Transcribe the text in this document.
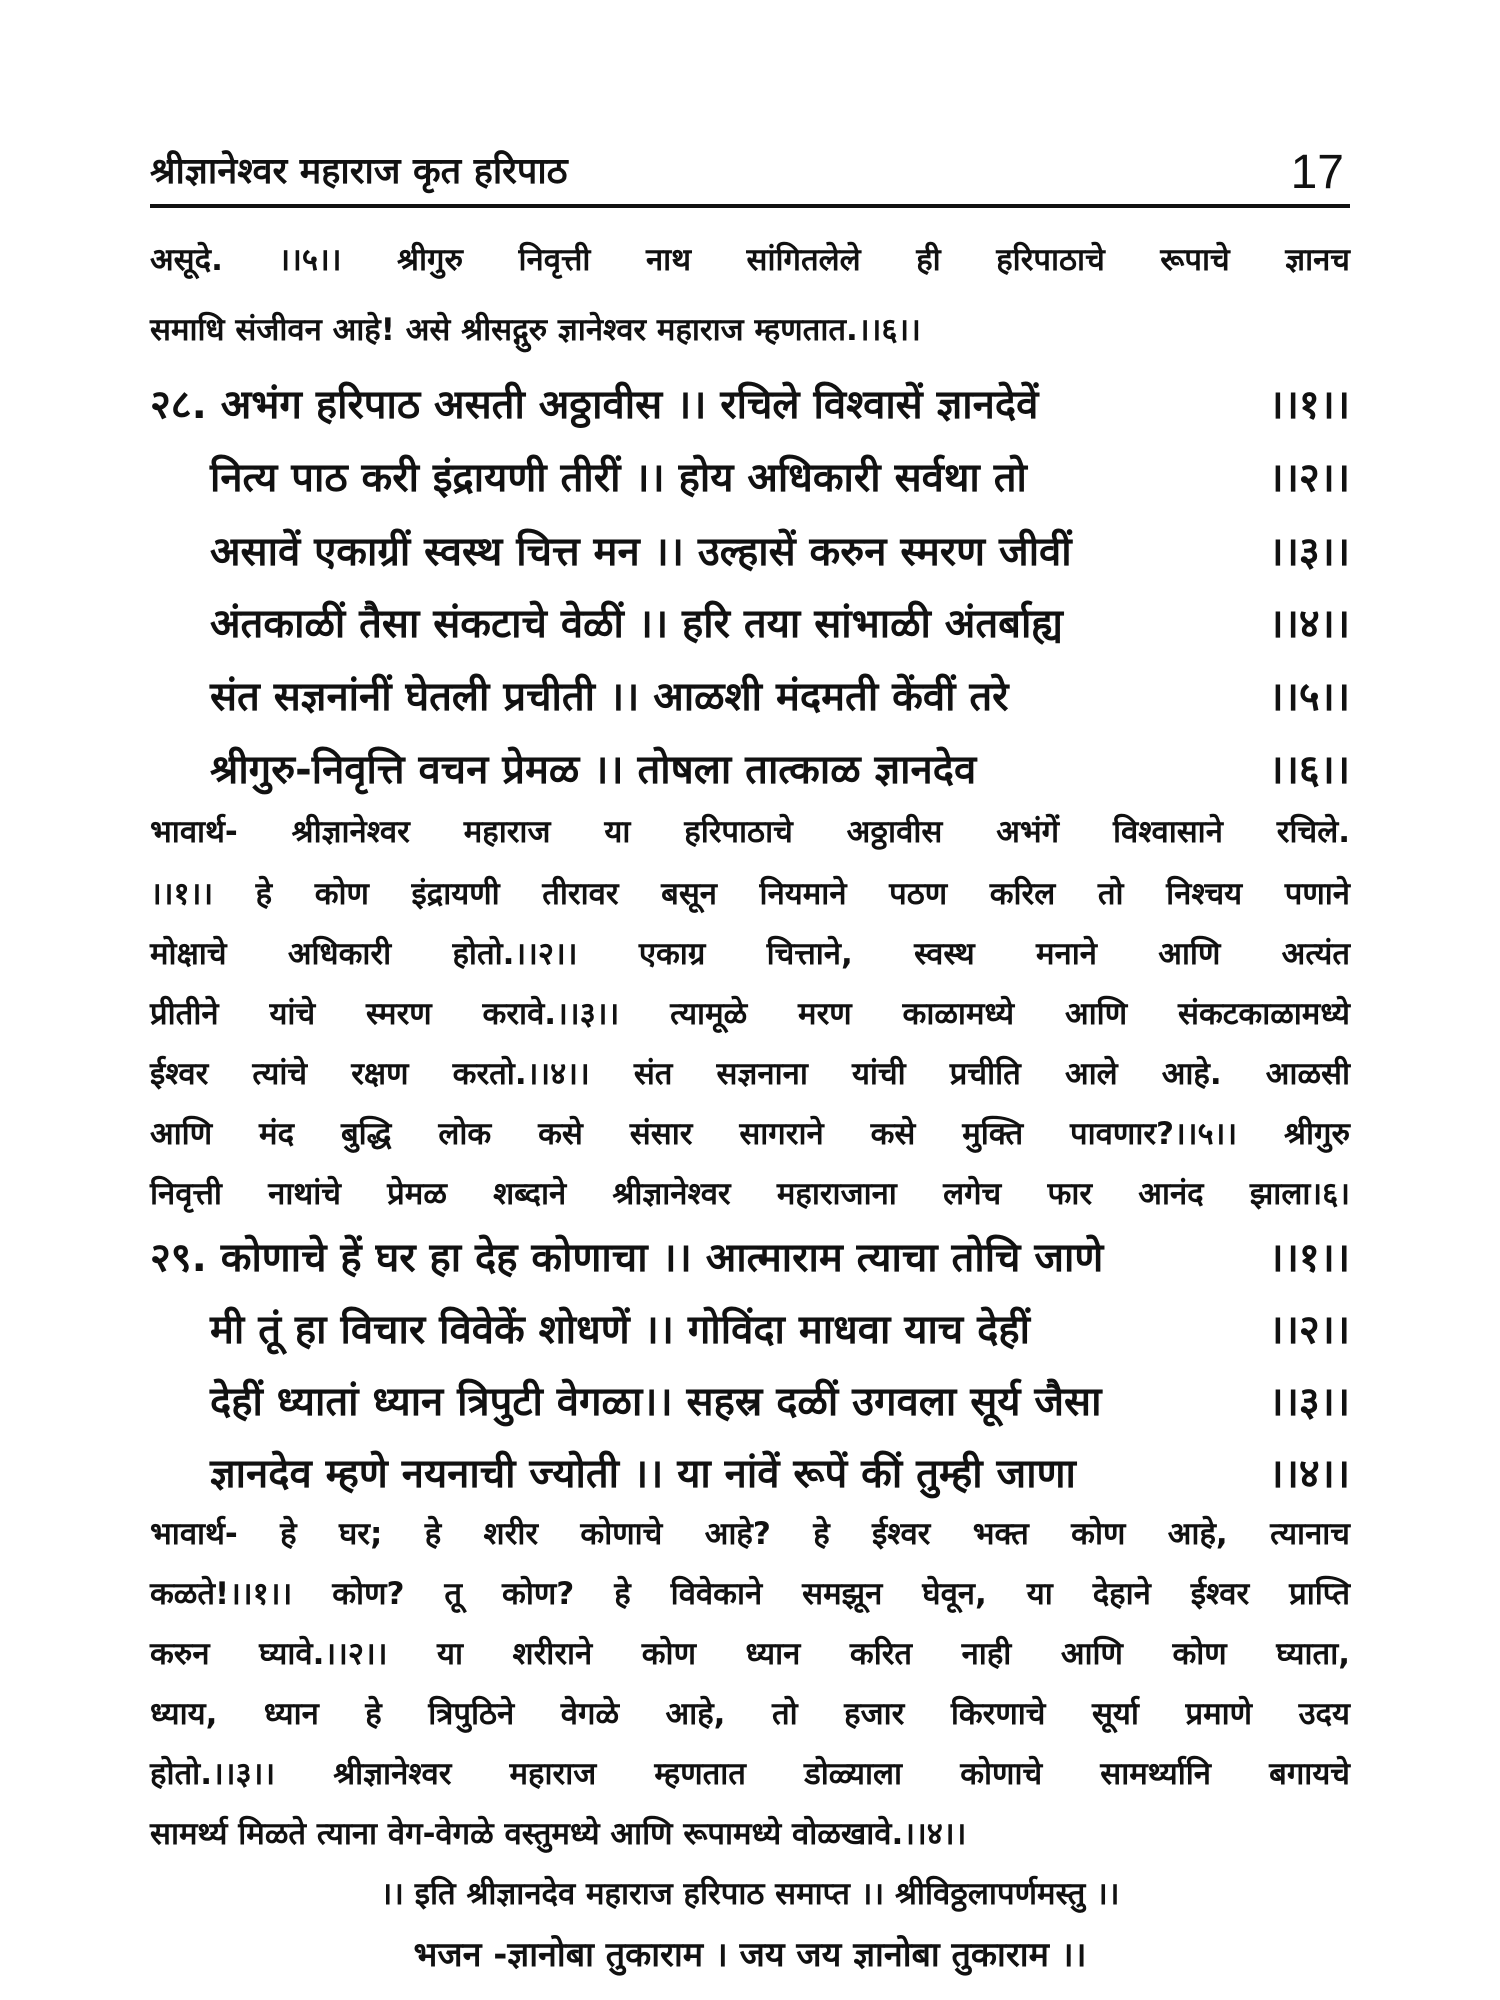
श्रीज्ञानेश्वर महाराज कृत हरिपाठ	17
असूदे. ।।५।। श्रीगुरु निवृत्ती नाथ सांगितलेले ही हरिपाठाचे रूपाचे ज्ञानच
समाधि संजीवन आहे! असे श्रीसद्गुरु ज्ञानेश्वर महाराज म्हणतात.।।६।।
२८. अभंग हरिपाठ असती अठ्ठावीस ।। रचिले विश्वासें ज्ञानदेवें	।।१।।
नित्य पाठ करी इंद्रायणी तीरीं ।। होय अधिकारी सर्वथा तो	।।२।।
असावें एकाग्रीं स्वस्थ चित्त मन ।। उल्हासें करुन स्मरण जीवीं	।।३।।
अंतकाळीं तैसा संकटाचे वेळीं ।। हरि तया सांभाळी अंतर्बाह्य	।।४।।
संत सज्ञनांनीं घेतली प्रचीती ।। आळशी मंदमती केंवीं तरे	।।५।।
श्रीगुरु-निवृत्ति वचन प्रेमळ ।। तोषला तात्काळ ज्ञानदेव	।।६।।
भावार्थ- श्रीज्ञानेश्वर महाराज या हरिपाठाचे अठ्ठावीस अभंगें विश्वासाने रचिले.
।।१।। हे कोण इंद्रायणी तीरावर बसून नियमाने पठण करिल तो निश्चय पणाने
मोक्षाचे अधिकारी होतो.।।२।। एकाग्र चित्ताने, स्वस्थ मनाने आणि अत्यंत
प्रीतीने यांचे स्मरण करावे.।।३।। त्यामूळे मरण काळामध्ये आणि संकटकाळामध्ये
ईश्वर त्यांचे रक्षण करतो.।।४।। संत सज्ञनाना यांची प्रचीति आले आहे. आळसी
आणि मंद बुद्धि लोक कसे संसार सागराने कसे मुक्ति पावणार?।।५।। श्रीगुरु
निवृत्ती नाथांचे प्रेमळ शब्दाने श्रीज्ञानेश्वर महाराजाना लगेच फार आनंद झाला।६।
२९. कोणाचे हें घर हा देह कोणाचा ।। आत्माराम त्याचा तोचि जाणे	।।१।।
मी तूं हा विचार विवेकें शोधणें ।। गोविंदा माधवा याच देहीं	।।२।।
देहीं ध्यातां ध्यान त्रिपुटी वेगळा।। सहस्र दळीं उगवला सूर्य जैसा	।।३।।
ज्ञानदेव म्हणे नयनाची ज्योती ।। या नांवें रूपें कीं तुम्ही जाणा	।।४।।
भावार्थ- हे घर; हे शरीर कोणाचे आहे? हे ईश्वर भक्त कोण आहे, त्यानाच
कळते!।।१।। कोण? तू कोण? हे विवेकाने समझून घेवून, या देहाने ईश्वर प्राप्ति
करुन घ्यावे.।।२।। या शरीराने कोण ध्यान करित नाही आणि कोण घ्याता,
ध्याय, ध्यान हे त्रिपुठिने वेगळे आहे, तो हजार किरणाचे सूर्या प्रमाणे उदय
होतो.।।३।। श्रीज्ञानेश्वर महाराज म्हणतात डोळ्याला कोणाचे सामर्थ्यानि बगायचे
सामर्थ्य मिळते त्याना वेग-वेगळे वस्तुमध्ये आणि रूपामध्ये वोळखावे.।।४।।
।। इति श्रीज्ञानदेव महाराज हरिपाठ समाप्त ।। श्रीविठ्ठलापर्णमस्तु ।।
भजन -ज्ञानोबा तुकाराम । जय जय ज्ञानोबा तुकाराम ।।
